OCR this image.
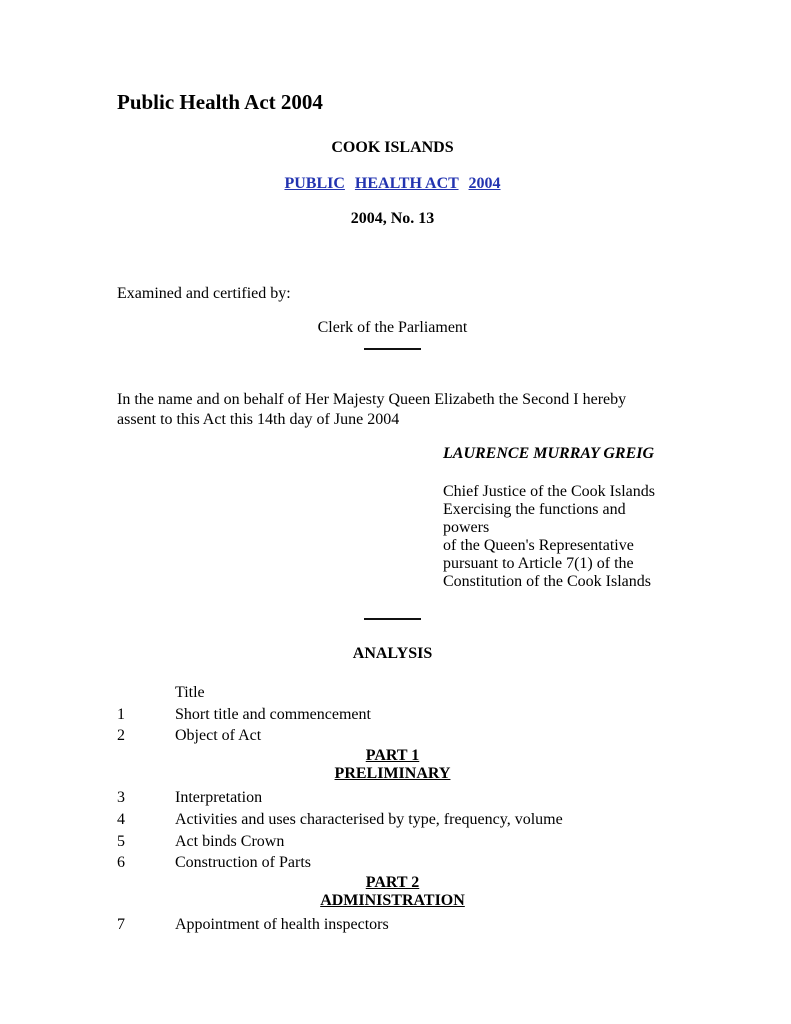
Public Health Act 2004
COOK ISLANDS
PUBLIC HEALTH ACT 2004
2004, No. 13
Examined and certified by:
Clerk of the Parliament

In the name and on behalf of Her Majesty Queen Elizabeth the Second I hereby assent to this Act this 14th day of June 2004

LAURENCE MURRAY GREIG
Chief Justice of the Cook Islands
Exercising the functions and powers
of the Queen's Representative
pursuant to Article 7(1) of the
Constitution of the Cook Islands
ANALYSIS
Title
1	Short title and commencement
2	Object of Act
PART 1
PRELIMINARY
3	Interpretation
4	Activities and uses characterised by type, frequency, volume
5	Act binds Crown
6	Construction of Parts
PART 2
ADMINISTRATION
7	Appointment of health inspectors
